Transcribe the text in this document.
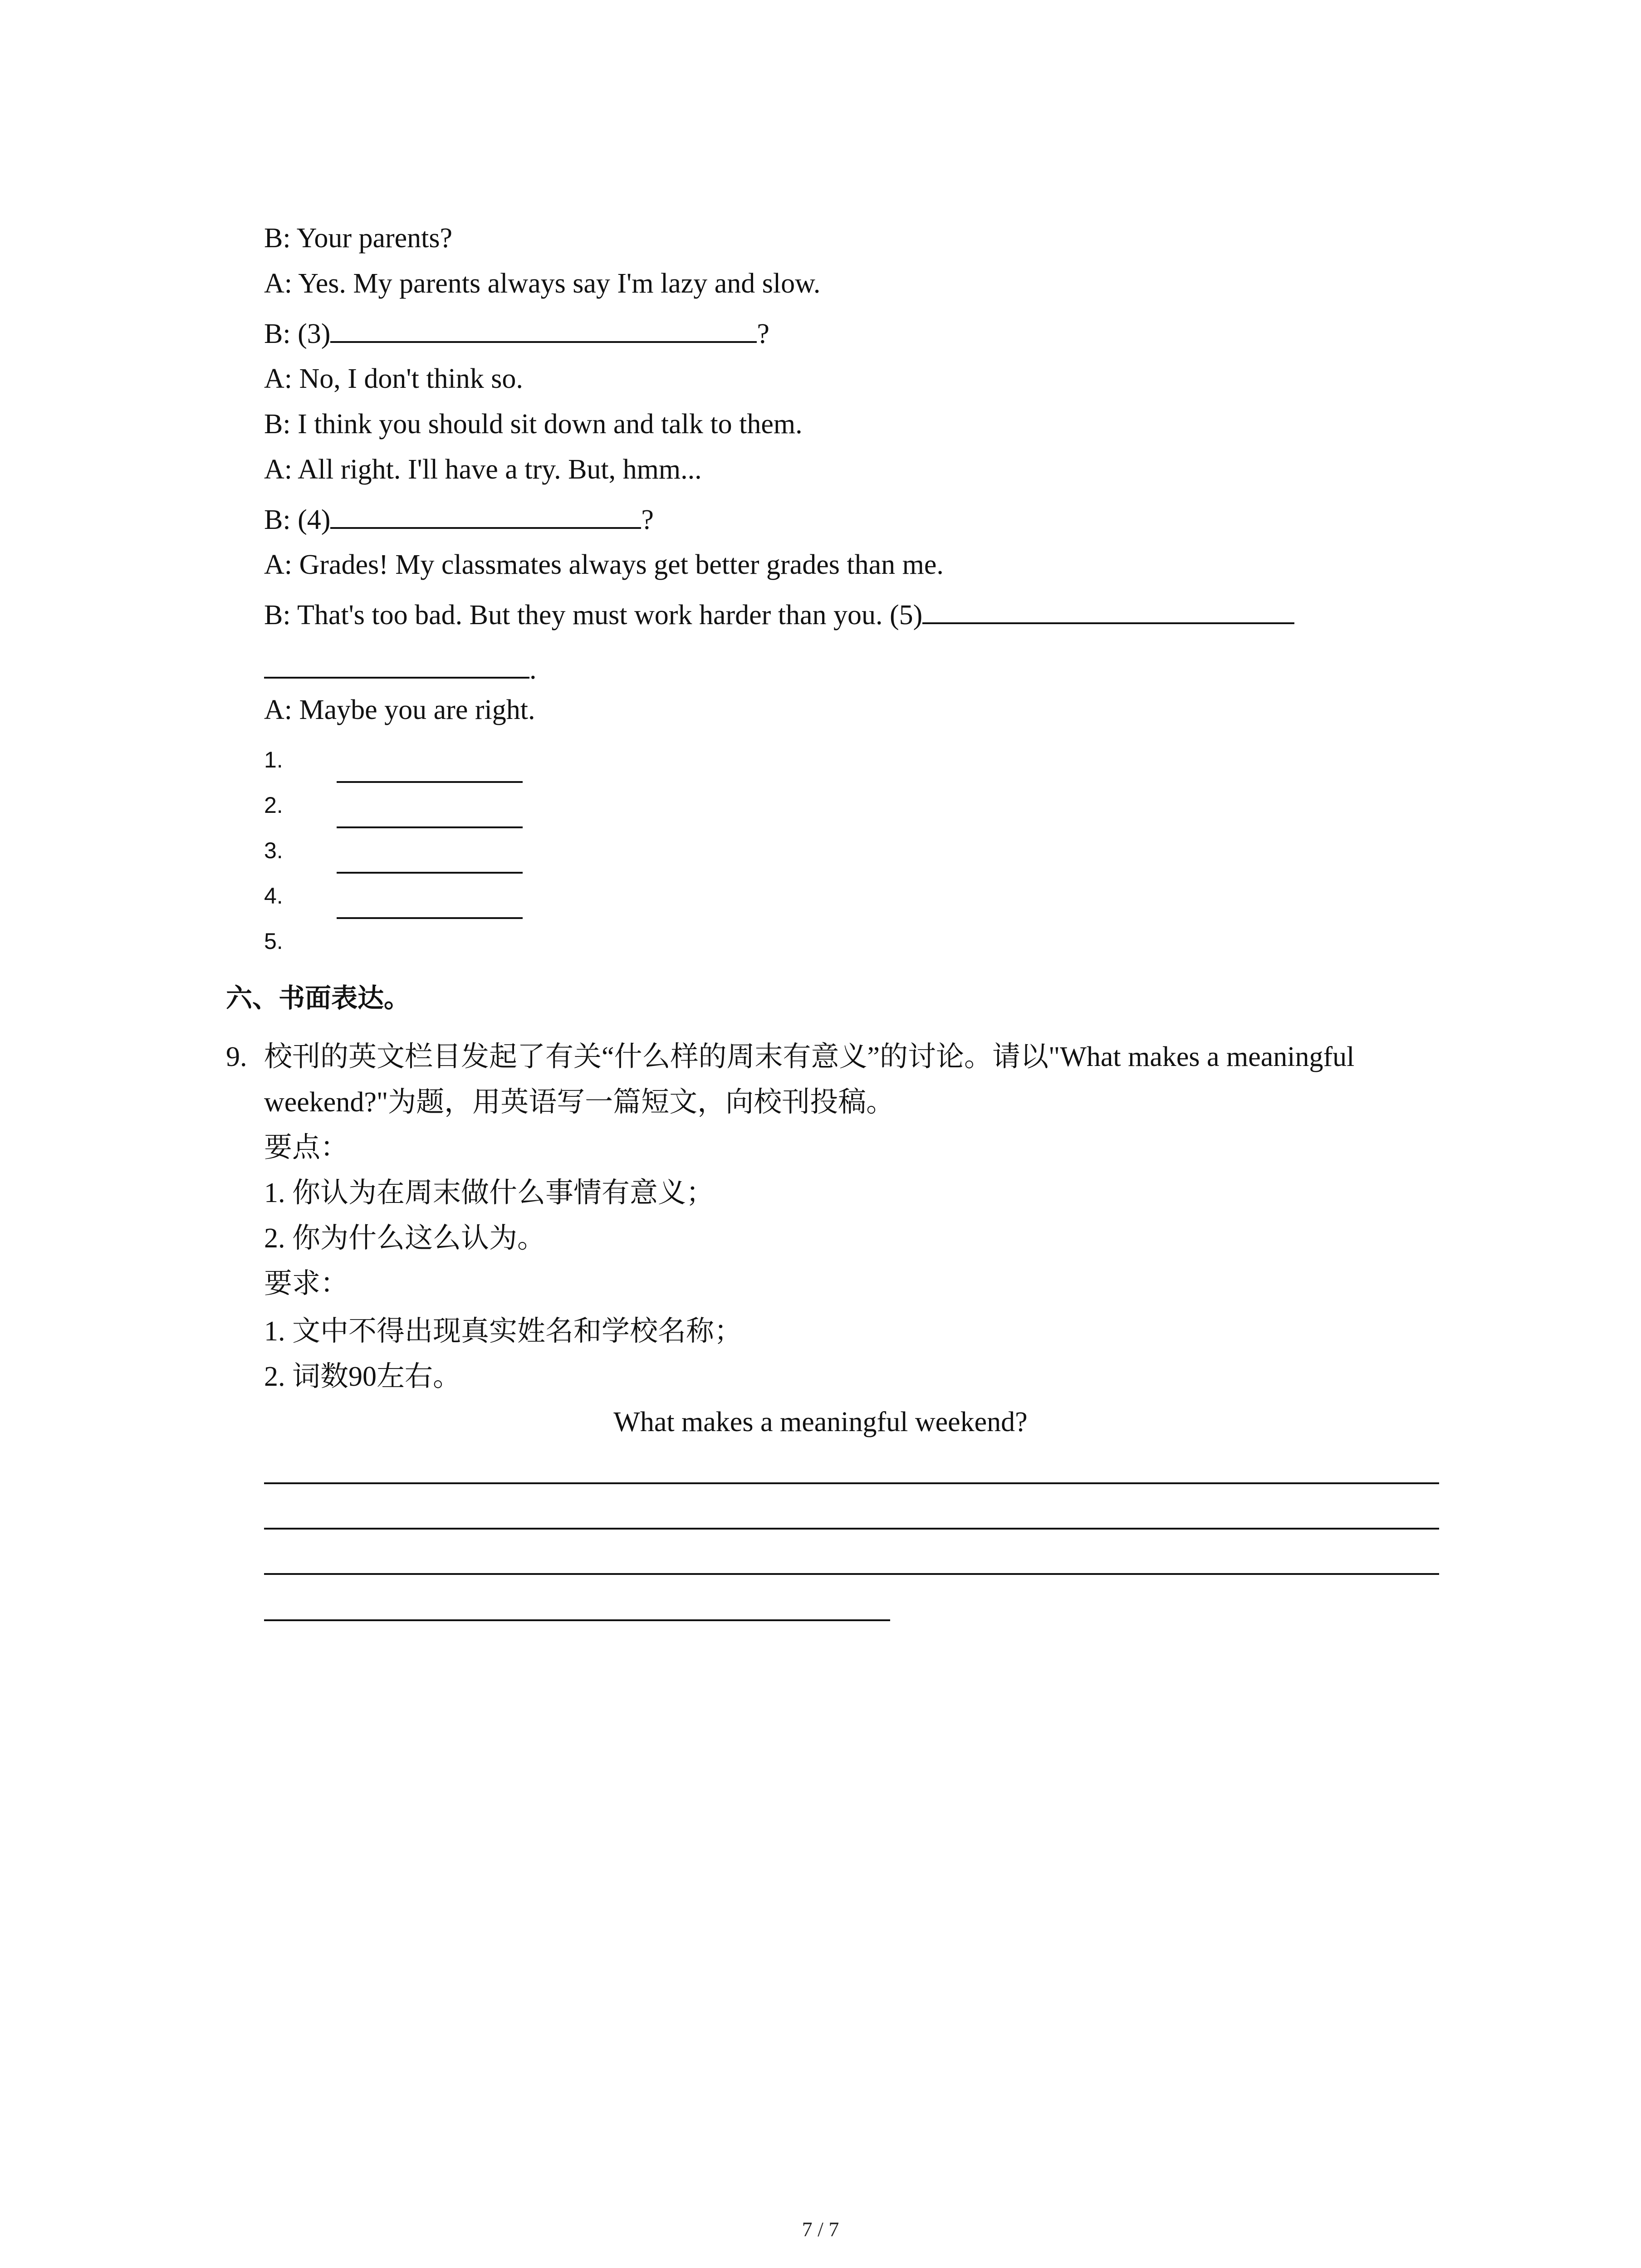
B: Your parents?
A: Yes. My parents always say I'm lazy and slow.
B: (3)	?
A: No, I don't think so.
B: I think you should sit down and talk to them.
A: All right. I'll have a try. But, hmm...
B: (4)	?
A: Grades! My classmates always get better grades than me.
B: That's too bad. But they must work harder than you. (5)
.
A: Maybe you are right.
1.
2.
3.
4.
5.
六、书面表达。
9. 校刊的英文栏目发起了有关“什么样的周末有意义”的讨论。请以"What makes a meaningful
weekend?"为题，用英语写一篇短文，向校刊投稿。
要点：
1. 你认为在周末做什么事情有意义；
2. 你为什么这么认为。
要求：
1. 文中不得出现真实姓名和学校名称；
2. 词数90左右。
What makes a meaningful weekend?
7 / 7
